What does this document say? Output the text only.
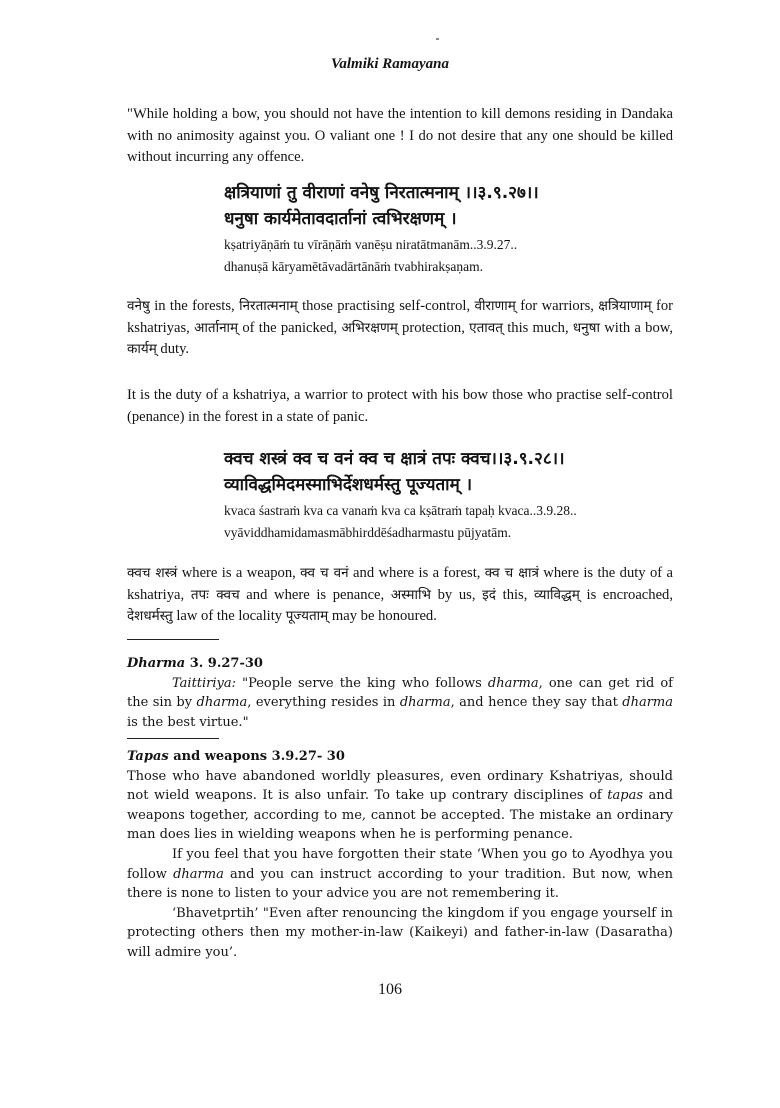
Valmiki Ramayana

"While holding a bow, you should not have the intention to kill demons residing in Dandaka with no animosity against you. O valiant one ! I do not desire that any one should be killed without incurring any offence.

क्षत्रियाणां तु वीराणां वनेषु निरतात्मनाम् ।।३.९.२७।।
धनुषा कार्यमेतावदार्तानां त्वभिरक्षणम् ।
kṣatriyāṇāṁ tu vīrāṇāṁ vanēṣu niratātmanām..3.9.27..
dhanuṣā kāryamētāvadārtānāṁ tvabhirakṣaṇam.

वनेषु in the forests, निरतात्मनाम् those practising self-control, वीराणाम् for warriors, क्षत्रियाणाम् for kshatriyas, आर्तानाम् of the panicked, अभिरक्षणम् protection, एतावत् this much, धनुषा with a bow, कार्यम् duty.

It is the duty of a kshatriya, a warrior to protect with his bow those who practise self-control (penance) in the forest in a state of panic.

क्वच शस्त्रं क्व च वनं क्व च क्षात्रं तपः क्वच।।३.९.२८।।
व्याविद्धमिदमस्माभिर्देशधर्मस्तु पूज्यताम् ।
kvaca śastraṁ kva ca vanaṁ kva ca kṣātraṁ tapaḥ kvaca..3.9.28..
vyāviddhamidamasmābhirddēśadharmastu pūjyatām.

क्वच शस्त्रं where is a weapon, क्व च वनं and where is a forest, क्व च क्षात्रं where is the duty of a kshatriya, तपः क्वच and where is penance, अस्माभि by us, इदं this, व्याविद्धम् is encroached, देशधर्मस्तु law of the locality पूज्यताम् may be honoured.

Dharma 3. 9.27-30
Taittiriya: "People serve the king who follows dharma, one can get rid of the sin by dharma, everything resides in dharma, and hence they say that dharma is the best virtue."
Tapas and weapons 3.9.27- 30
Those who have abandoned worldly pleasures, even ordinary Kshatriyas, should not wield weapons. It is also unfair. To take up contrary disciplines of tapas and weapons together, according to me, cannot be accepted. The mistake an ordinary man does lies in wielding weapons when he is performing penance.
If you feel that you have forgotten their state ‘When you go to Ayodhya you follow dharma and you can instruct according to your tradition. But now, when there is none to listen to your advice you are not remembering it.
‘Bhavetprtih’ "Even after renouncing the kingdom if you engage yourself in protecting others then my mother-in-law (Kaikeyi) and father-in-law (Dasaratha) will admire you’.
106
